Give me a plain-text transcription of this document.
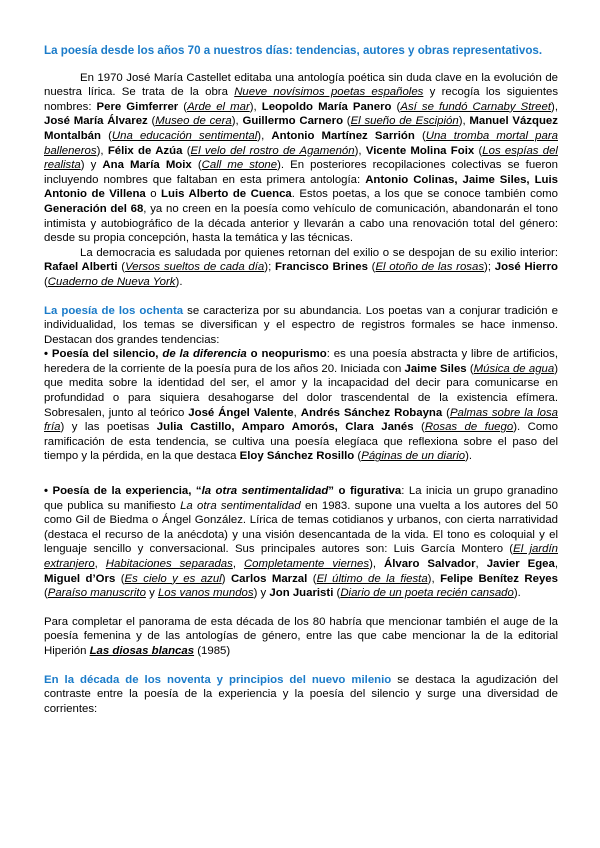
La poesía desde los años 70 a nuestros días: tendencias, autores y obras representativos.

En 1970 José María Castellet editaba una antología poética sin duda clave en la evolución de nuestra lírica. Se trata de la obra Nueve novísimos poetas españoles y recogía los siguientes nombres: Pere Gimferrer (Arde el mar), Leopoldo María Panero (Así se fundó Carnaby Street), José María Álvarez (Museo de cera), Guillermo Carnero (El sueño de Escipión), Manuel Vázquez Montalbán (Una educación sentimental), Antonio Martínez Sarrión (Una tromba mortal para balleneros), Félix de Azúa (El velo del rostro de Agamenón), Vicente Molina Foix (Los espías del realista) y Ana María Moix (Call me stone). En posteriores recopilaciones colectivas se fueron incluyendo nombres que faltaban en esta primera antología: Antonio Colinas, Jaime Siles, Luis Antonio de Villena o Luis Alberto de Cuenca. Estos poetas, a los que se conoce también como Generación del 68, ya no creen en la poesía como vehículo de comunicación, abandonarán el tono intimista y autobiográfico de la década anterior y llevarán a cabo una renovación total del género: desde su propia concepción, hasta la temática y las técnicas.

La democracia es saludada por quienes retornan del exilio o se despojan de su exilio interior: Rafael Alberti (Versos sueltos de cada día); Francisco Brines (El otoño de las rosas); José Hierro (Cuaderno de Nueva York).

La poesía de los ochenta se caracteriza por su abundancia. Los poetas van a conjurar tradición e individualidad, los temas se diversifican y el espectro de registros formales se hace inmenso. Destacan dos grandes tendencias:

• Poesía del silencio, de la diferencia o neopurismo: es una poesía abstracta y libre de artificios, heredera de la corriente de la poesía pura de los años 20. Iniciada con Jaime Siles (Música de agua) que medita sobre la identidad del ser, el amor y la incapacidad del decir para comunicarse en profundidad o para siquiera desahogarse del dolor trascendental de la existencia efímera. Sobresalen, junto al teórico José Ángel Valente, Andrés Sánchez Robayna (Palmas sobre la losa fría) y las poetisas Julia Castillo, Amparo Amorós, Clara Janés (Rosas de fuego). Como ramificación de esta tendencia, se cultiva una poesía elegíaca que reflexiona sobre el paso del tiempo y la pérdida, en la que destaca Eloy Sánchez Rosillo (Páginas de un diario).

• Poesía de la experiencia, “la otra sentimentalidad” o figurativa: La inicia un grupo granadino que publica su manifiesto La otra sentimentalidad en 1983. supone una vuelta a los autores del 50 como Gil de Biedma o Ángel González. Lírica de temas cotidianos y urbanos, con cierta narratividad (destaca el recurso de la anécdota) y una visión desencantada de la vida. El tono es coloquial y el lenguaje sencillo y conversacional. Sus principales autores son: Luis García Montero (El jardín extranjero, Habitaciones separadas, Completamente viernes), Álvaro Salvador, Javier Egea, Miguel d’Ors (Es cielo y es azul) Carlos Marzal (El último de la fiesta), Felipe Benítez Reyes (Paraíso manuscrito y Los vanos mundos) y Jon Juaristi (Diario de un poeta recién cansado).

Para completar el panorama de esta década de los 80 habría que mencionar también el auge de la poesía femenina y de las antologías de género, entre las que cabe mencionar la de la editorial Hiperión Las diosas blancas (1985)

En la década de los noventa y principios del nuevo milenio se destaca la agudización del contraste entre la poesía de la experiencia y la poesía del silencio y surge una diversidad de corrientes:
